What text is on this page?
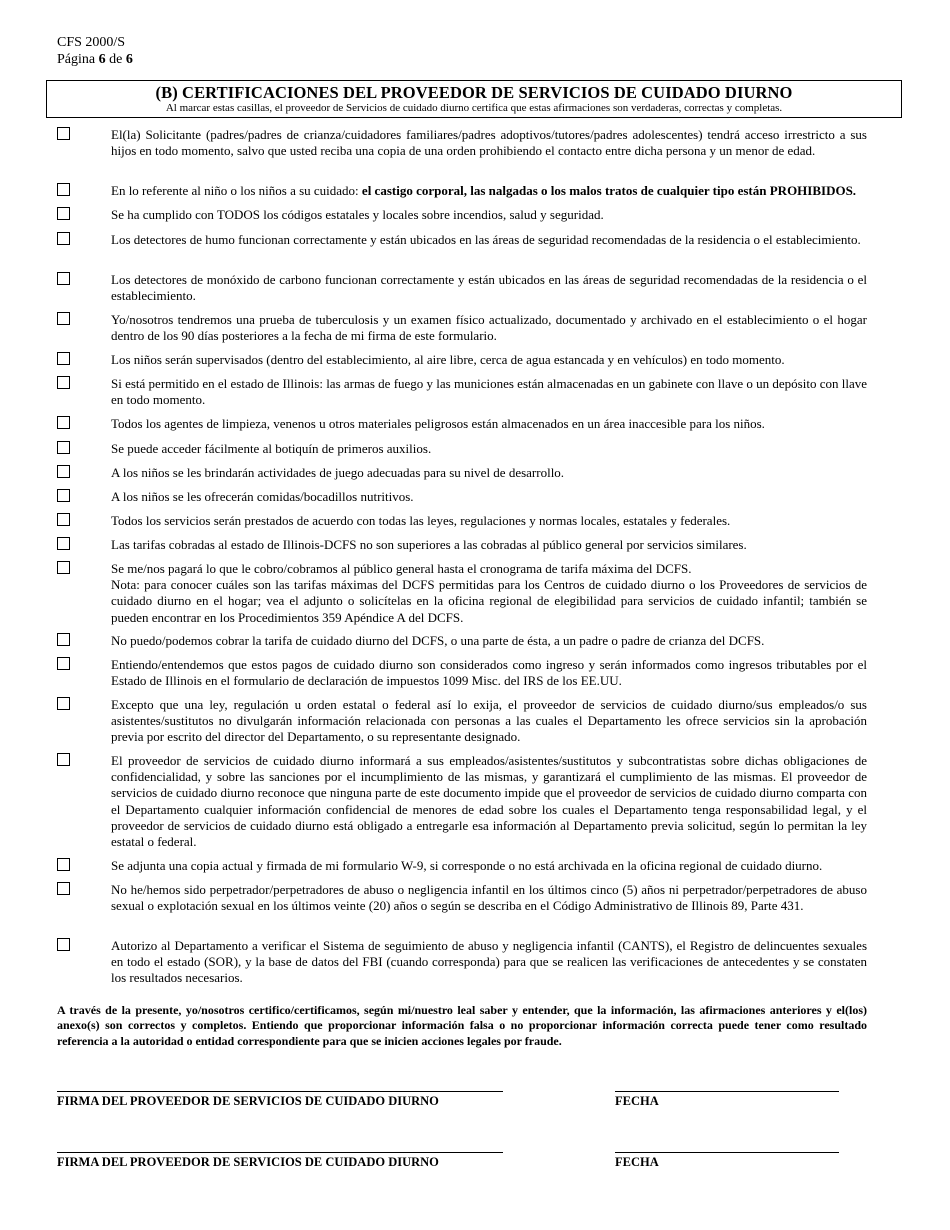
CFS 2000/S
Página 6 de 6
(B) CERTIFICACIONES DEL PROVEEDOR DE SERVICIOS DE CUIDADO DIURNO
Al marcar estas casillas, el proveedor de Servicios de cuidado diurno certifica que estas afirmaciones son verdaderas, correctas y completas.
El(la) Solicitante (padres/padres de crianza/cuidadores familiares/padres adoptivos/tutores/padres adolescentes) tendrá acceso irrestricto a sus hijos en todo momento, salvo que usted reciba una copia de una orden prohibiendo el contacto entre dicha persona y un menor de edad.
En lo referente al niño o los niños a su cuidado: el castigo corporal, las nalgadas o los malos tratos de cualquier tipo están PROHIBIDOS.
Se ha cumplido con TODOS los códigos estatales y locales sobre incendios, salud y seguridad.
Los detectores de humo funcionan correctamente y están ubicados en las áreas de seguridad recomendadas de la residencia o el establecimiento.
Los detectores de monóxido de carbono funcionan correctamente y están ubicados en las áreas de seguridad recomendadas de la residencia o el establecimiento.
Yo/nosotros tendremos una prueba de tuberculosis y un examen físico actualizado, documentado y archivado en el establecimiento o el hogar dentro de los 90 días posteriores a la fecha de mi firma de este formulario.
Los niños serán supervisados (dentro del establecimiento, al aire libre, cerca de agua estancada y en vehículos) en todo momento.
Si está permitido en el estado de Illinois: las armas de fuego y las municiones están almacenadas en un gabinete con llave o un depósito con llave en todo momento.
Todos los agentes de limpieza, venenos u otros materiales peligrosos están almacenados en un área inaccesible para los niños.
Se puede acceder fácilmente al botiquín de primeros auxilios.
A los niños se les brindarán actividades de juego adecuadas para su nivel de desarrollo.
A los niños se les ofrecerán comidas/bocadillos nutritivos.
Todos los servicios serán prestados de acuerdo con todas las leyes, regulaciones y normas locales, estatales y federales.
Las tarifas cobradas al estado de Illinois-DCFS no son superiores a las cobradas al público general por servicios similares.
Se me/nos pagará lo que le cobro/cobramos al público general hasta el cronograma de tarifa máxima del DCFS.
Nota: para conocer cuáles son las tarifas máximas del DCFS permitidas para los Centros de cuidado diurno o los Proveedores de servicios de cuidado diurno en el hogar; vea el adjunto o solicítelas en la oficina regional de elegibilidad para servicios de cuidado infantil; también se pueden encontrar en los Procedimientos 359 Apéndice A del DCFS.
No puedo/podemos cobrar la tarifa de cuidado diurno del DCFS, o una parte de ésta, a un padre o padre de crianza del DCFS.
Entiendo/entendemos que estos pagos de cuidado diurno son considerados como ingreso y serán informados como ingresos tributables por el Estado de Illinois en el formulario de declaración de impuestos 1099 Misc. del IRS de los EE.UU.
Excepto que una ley, regulación u orden estatal o federal así lo exija, el proveedor de servicios de cuidado diurno/sus empleados/o sus asistentes/sustitutos no divulgarán información relacionada con personas a las cuales el Departamento les ofrece servicios sin la aprobación previa por escrito del director del Departamento, o su representante designado.
El proveedor de servicios de cuidado diurno informará a sus empleados/asistentes/sustitutos y subcontratistas sobre dichas obligaciones de confidencialidad, y sobre las sanciones por el incumplimiento de las mismas, y garantizará el cumplimiento de las mismas. El proveedor de servicios de cuidado diurno reconoce que ninguna parte de este documento impide que el proveedor de servicios de cuidado diurno comparta con el Departamento cualquier información confidencial de menores de edad sobre los cuales el Departamento tenga responsabilidad legal, y el proveedor de servicios de cuidado diurno está obligado a entregarle esa información al Departamento previa solicitud, según lo permitan la ley estatal o federal.
Se adjunta una copia actual y firmada de mi formulario W-9, si corresponde o no está archivada en la oficina regional de cuidado diurno.
No he/hemos sido perpetrador/perpetradores de abuso o negligencia infantil en los últimos cinco (5) años ni perpetrador/perpetradores de abuso sexual o explotación sexual en los últimos veinte (20) años o según se describa en el Código Administrativo de Illinois 89, Parte 431.
Autorizo al Departamento a verificar el Sistema de seguimiento de abuso y negligencia infantil (CANTS), el Registro de delincuentes sexuales en todo el estado (SOR), y la base de datos del FBI (cuando corresponda) para que se realicen las verificaciones de antecedentes y se constaten los resultados necesarios.
A través de la presente, yo/nosotros certifico/certificamos, según mi/nuestro leal saber y entender, que la información, las afirmaciones anteriores y el(los) anexo(s) son correctos y completos. Entiendo que proporcionar información falsa o no proporcionar información correcta puede tener como resultado referencia a la autoridad o entidad correspondiente para que se inicien acciones legales por fraude.
FIRMA DEL PROVEEDOR DE SERVICIOS DE CUIDADO DIURNO	FECHA
FIRMA DEL PROVEEDOR DE SERVICIOS DE CUIDADO DIURNO	FECHA
